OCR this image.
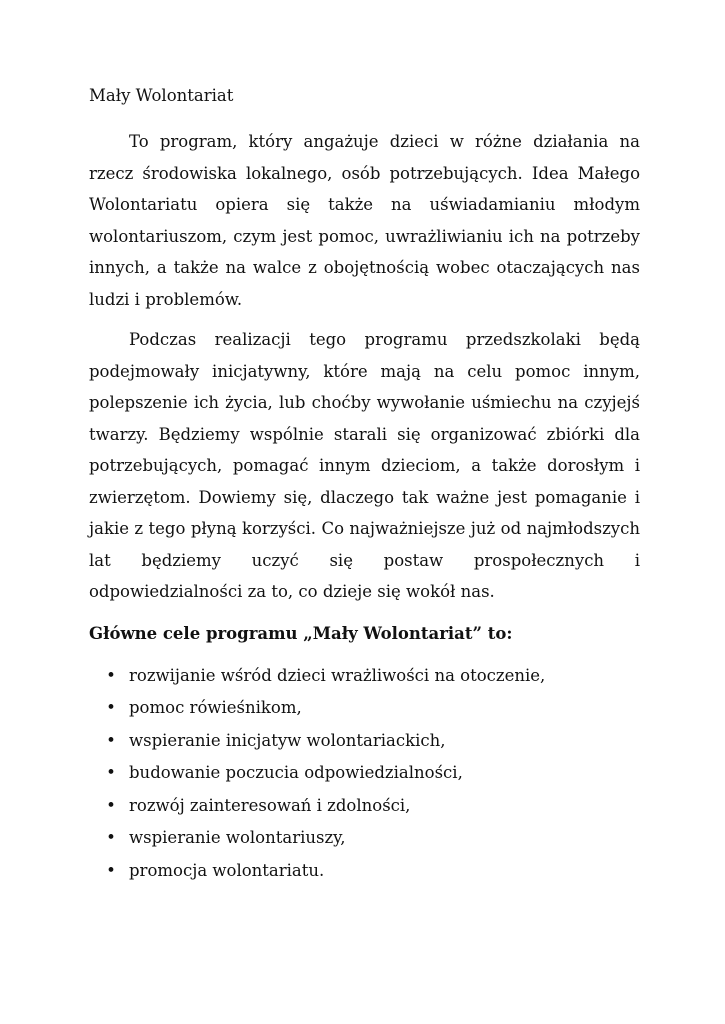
Mały Wolontariat

To program, który angażuje dzieci w różne działania na rzecz środowiska lokalnego, osób potrzebujących. Idea Małego Wolontariatu opiera się także na uświadamianiu młodym wolontariuszom, czym jest pomoc, uwrażliwianiu ich na potrzeby innych, a także na walce z obojętnością wobec otaczających nas ludzi i problemów.

Podczas realizacji tego programu przedszkolaki będą podejmowały inicjatywny, które mają na celu pomoc innym, polepszenie ich życia, lub choćby wywołanie uśmiechu na czyjejś twarzy. Będziemy wspólnie starali się organizować zbiórki dla potrzebujących, pomagać innym dzieciom, a także dorosłym i zwierzętom. Dowiemy się, dlaczego tak ważne jest pomaganie i jakie z tego płyną korzyści. Co najważniejsze już od najmłodszych lat będziemy uczyć się postaw prospołecznych i odpowiedzialności za to, co dzieje się wokół nas.

Główne cele programu „Mały Wolontariat” to:

• rozwijanie wśród dzieci wrażliwości na otoczenie,
• pomoc rówieśnikom,
• wspieranie inicjatyw wolontariackich,
• budowanie poczucia odpowiedzialności,
• rozwój zainteresowań i zdolności,
• wspieranie wolontariuszy,
• promocja wolontariatu.
